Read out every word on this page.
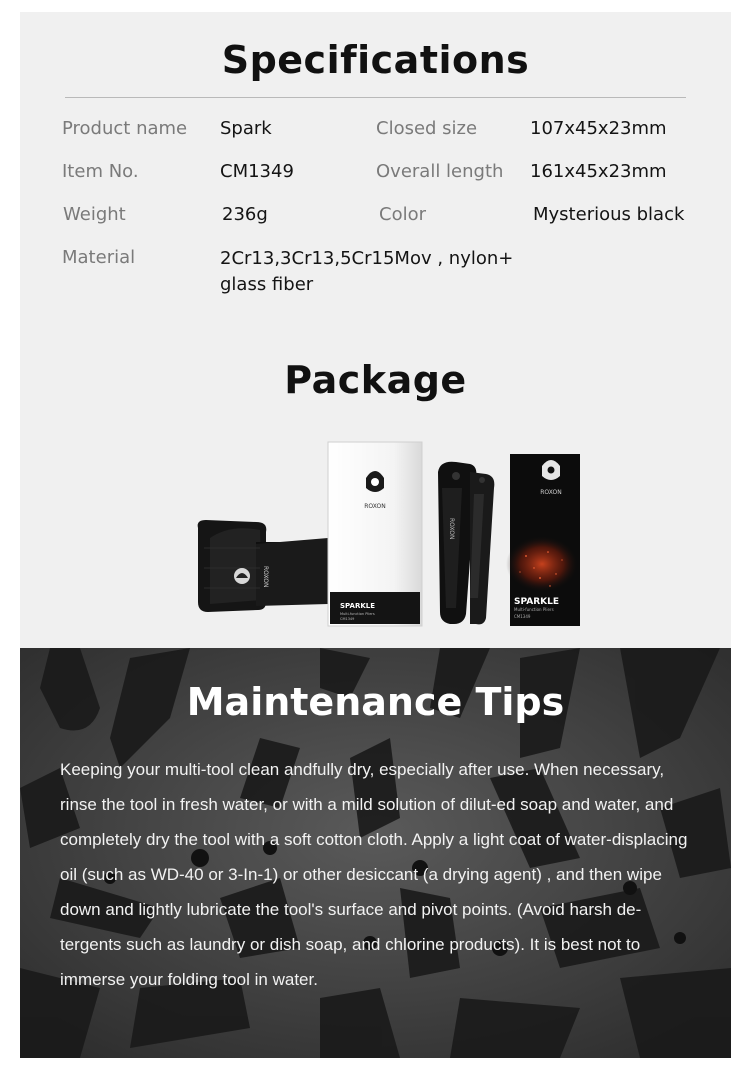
Specifications
Product name Spark	Closed size	107x45x23mm
Item No.	CM1349	Overall length 161x45x23mm
Weight	236g	Color	Mysterious black
Material	2Cr13,3Cr13,5Cr15Mov , nylon+ glass fiber
Package
ROXON
ROXON
SPARKLE
Multi-function Pliers
CM1349
ROXON
ROXON
SPARKLE
Multi-function Pliers
CM1349
Maintenance Tips
Keeping your multi-tool clean andfully dry, especially after use. When necessary, rinse the tool in fresh water, or with a mild solution of dilut-ed soap and water, and completely dry the tool with a soft cotton cloth. Apply a light coat of water-displacing oil (such as WD-40 or 3-In-1) or other desiccant (a drying agent) , and then wipe down and lightly lubricate the tool's surface and pivot points. (Avoid harsh de-tergents such as laundry or dish soap, and chlorine products). It is best not to immerse your folding tool in water.
